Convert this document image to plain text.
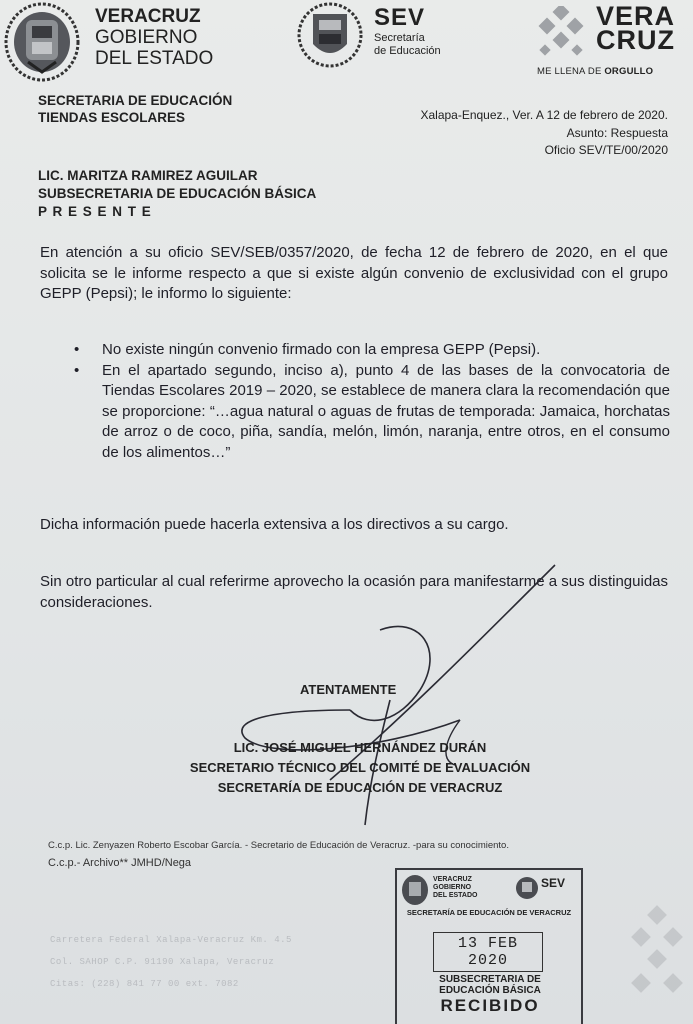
VERACRUZ
GOBIERNO
DEL ESTADO
SEV
Secretaría
de Educación
VERA
CRUZ
ME LLENA DE ORGULLO
SECRETARIA DE EDUCACIÓN
TIENDAS ESCOLARES	Xalapa-Enquez., Ver. A 12 de febrero de 2020.
Asunto: Respuesta
Oficio SEV/TE/00/2020
LIC. MARITZA RAMIREZ AGUILAR
SUBSECRETARIA DE EDUCACIÓN BÁSICA
P R E S E N T E
En atención a su oficio SEV/SEB/0357/2020, de fecha 12 de febrero de 2020, en el que solicita se le informe respecto a que si existe algún convenio de exclusividad con el grupo GEPP (Pepsi); le informo lo siguiente:
• No existe ningún convenio firmado con la empresa GEPP (Pepsi).
• En el apartado segundo, inciso a), punto 4 de las bases de la convocatoria de Tiendas Escolares 2019 – 2020, se establece de manera clara la recomendación que se proporcione: “…agua natural o aguas de frutas de temporada: Jamaica, horchatas de arroz o de coco, piña, sandía, melón, limón, naranja, entre otros, en el consumo de los alimentos…”
Dicha información puede hacerla extensiva a los directivos a su cargo.
Sin otro particular al cual referirme aprovecho la ocasión para manifestarme a sus distinguidas consideraciones.
ATENTAMENTE
LIC. JOSÉ MIGUEL HERNÁNDEZ DURÁN
SECRETARIO TÉCNICO DEL COMITÉ DE EVALUACIÓN
SECRETARÍA DE EDUCACIÓN DE VERACRUZ
C.c.p. Lic. Zenyazen Roberto Escobar García. - Secretario de Educación de Veracruz. -para su conocimiento.
C.c.p.- Archivo** JMHD/Nega
Carretera Federal Xalapa-Veracruz Km. 4.5
Col. SAHOP C.P. 91190 Xalapa, Veracruz
Citas: (228) 841 77 00 ext. 7082
VERACRUZ
GOBIERNO
DEL ESTADO
SEV
SECRETARÍA DE EDUCACIÓN DE VERACRUZ
13 FEB 2020
SUBSECRETARIA DE
EDUCACIÓN BÁSICA
RECIBIDO
